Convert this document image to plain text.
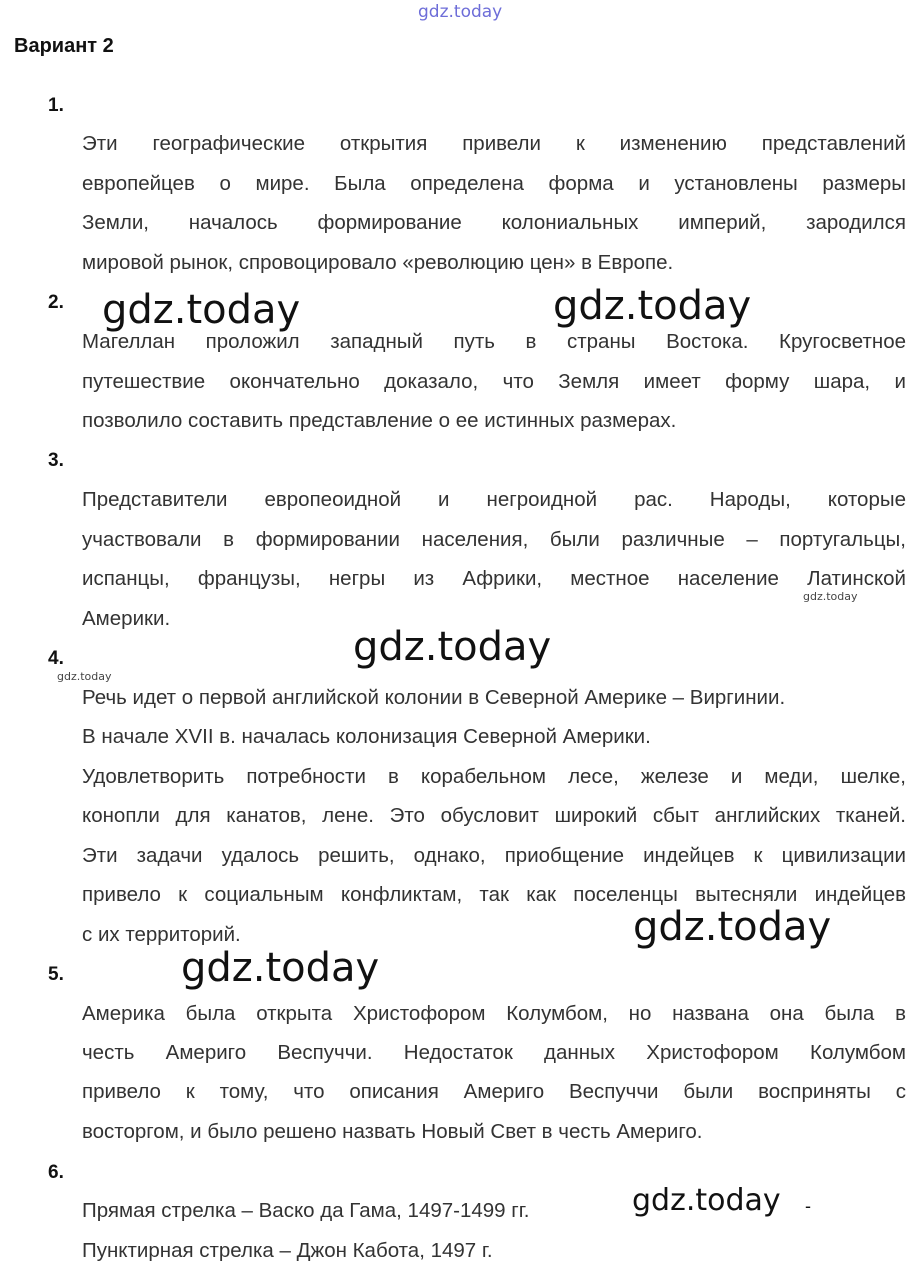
gdz.today
Вариант 2
1.
Эти географические открытия привели к изменению представлений
европейцев о мире. Была определена форма и установлены размеры
Земли, началось формирование колониальных империй, зародился
мировой рынок, спровоцировало «революцию цен» в Европе.
2.
Магеллан проложил западный путь в страны Востока. Кругосветное
путешествие окончательно доказало, что Земля имеет форму шара, и
позволило составить представление о ее истинных размерах.
3.
Представители европеоидной и негроидной рас. Народы, которые
участвовали в формировании населения, были различные – португальцы,
испанцы, французы, негры из Африки, местное население Латинской
Америки.
4.
Речь идет о первой английской колонии в Северной Америке – Виргинии.
В начале XVII в. началась колонизация Северной Америки.
Удовлетворить потребности в корабельном лесе, железе и меди, шелке,
конопли для канатов, лене. Это обусловит широкий сбыт английских тканей.
Эти задачи удалось решить, однако, приобщение индейцев к цивилизации
привело к социальным конфликтам, так как поселенцы вытесняли индейцев
с их территорий.
5.
Америка была открыта Христофором Колумбом, но названа она была в
честь Америго Веспуччи. Недостаток данных Христофором Колумбом
привело к тому, что описания Америго Веспуччи были восприняты с
восторгом, и было решено назвать Новый Свет в честь Америго.
6.
Прямая стрелка – Васко да Гама, 1497-1499 гг.
Пунктирная стрелка – Джон Кабота, 1497 г.
gdz.today	gdz.today
gdz.today
gdz.today
gdz.today
gdz.today
gdz.today
gdz.today -
